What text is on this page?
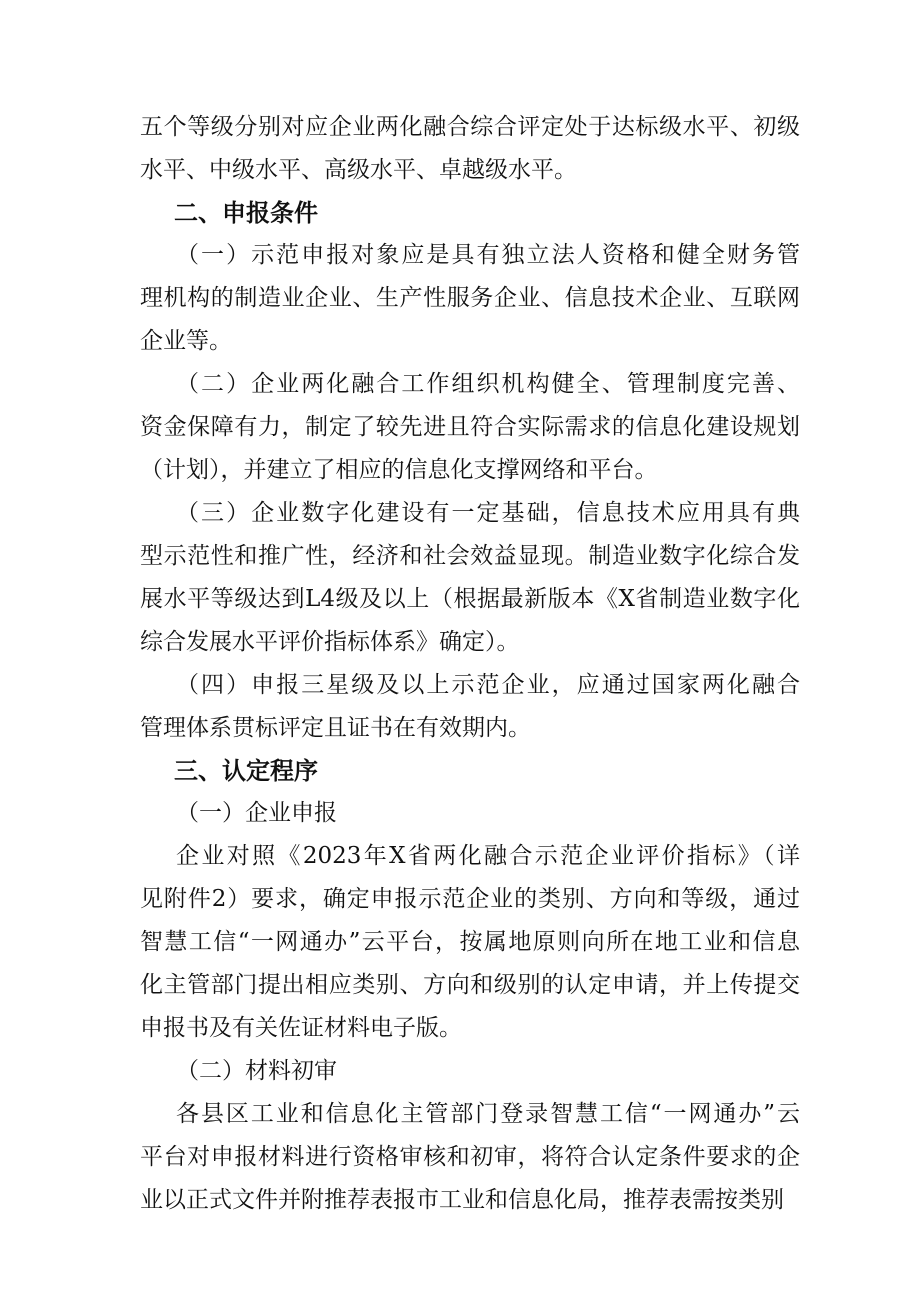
五个等级分别对应企业两化融合综合评定处于达标级水平、初级
水平、中级水平、高级水平、卓越级水平。
二、申报条件
（一）示范申报对象应是具有独立法人资格和健全财务管
理机构的制造业企业、生产性服务企业、信息技术企业、互联网
企业等。
（二）企业两化融合工作组织机构健全、管理制度完善、
资金保障有力，制定了较先进且符合实际需求的信息化建设规划
（计划），并建立了相应的信息化支撑网络和平台。
（三）企业数字化建设有一定基础，信息技术应用具有典
型示范性和推广性，经济和社会效益显现。制造业数字化综合发
展水平等级达到L4级及以上（根据最新版本《X省制造业数字化
综合发展水平评价指标体系》确定）。
（四）申报三星级及以上示范企业，应通过国家两化融合
管理体系贯标评定且证书在有效期内。
三、认定程序
（一）企业申报
企业对照《2023年X省两化融合示范企业评价指标》（详
见附件2）要求，确定申报示范企业的类别、方向和等级，通过
智慧工信“一网通办”云平台，按属地原则向所在地工业和信息
化主管部门提出相应类别、方向和级别的认定申请，并上传提交
申报书及有关佐证材料电子版。
（二）材料初审
各县区工业和信息化主管部门登录智慧工信“一网通办”云
平台对申报材料进行资格审核和初审，将符合认定条件要求的企
业以正式文件并附推荐表报市工业和信息化局，推荐表需按类别
